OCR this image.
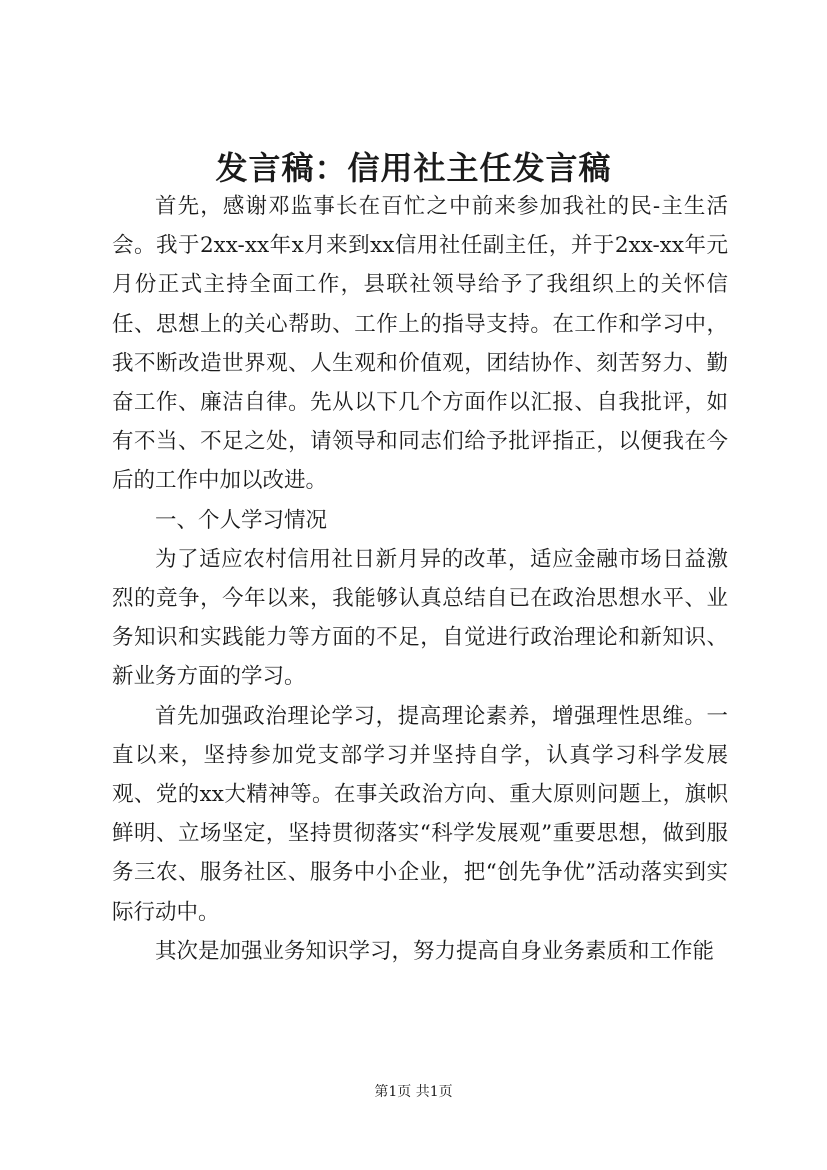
发言稿：信用社主任发言稿

首先，感谢邓监事长在百忙之中前来参加我社的民-主生活会。我于2xx-xx年x月来到xx信用社任副主任，并于2xx-xx年元月份正式主持全面工作，县联社领导给予了我组织上的关怀信任、思想上的关心帮助、工作上的指导支持。在工作和学习中，我不断改造世界观、人生观和价值观，团结协作、刻苦努力、勤奋工作、廉洁自律。先从以下几个方面作以汇报、自我批评，如有不当、不足之处，请领导和同志们给予批评指正，以便我在今后的工作中加以改进。

一、个人学习情况

为了适应农村信用社日新月异的改革，适应金融市场日益激烈的竞争，今年以来，我能够认真总结自已在政治思想水平、业务知识和实践能力等方面的不足，自觉进行政治理论和新知识、新业务方面的学习。

首先加强政治理论学习，提高理论素养，增强理性思维。一直以来，坚持参加党支部学习并坚持自学，认真学习科学发展观、党的xx大精神等。在事关政治方向、重大原则问题上，旗帜鲜明、立场坚定，坚持贯彻落实“科学发展观”重要思想，做到服务三农、服务社区、服务中小企业，把“创先争优”活动落实到实际行动中。

其次是加强业务知识学习，努力提高自身业务素质和工作能

第1页 共1页
